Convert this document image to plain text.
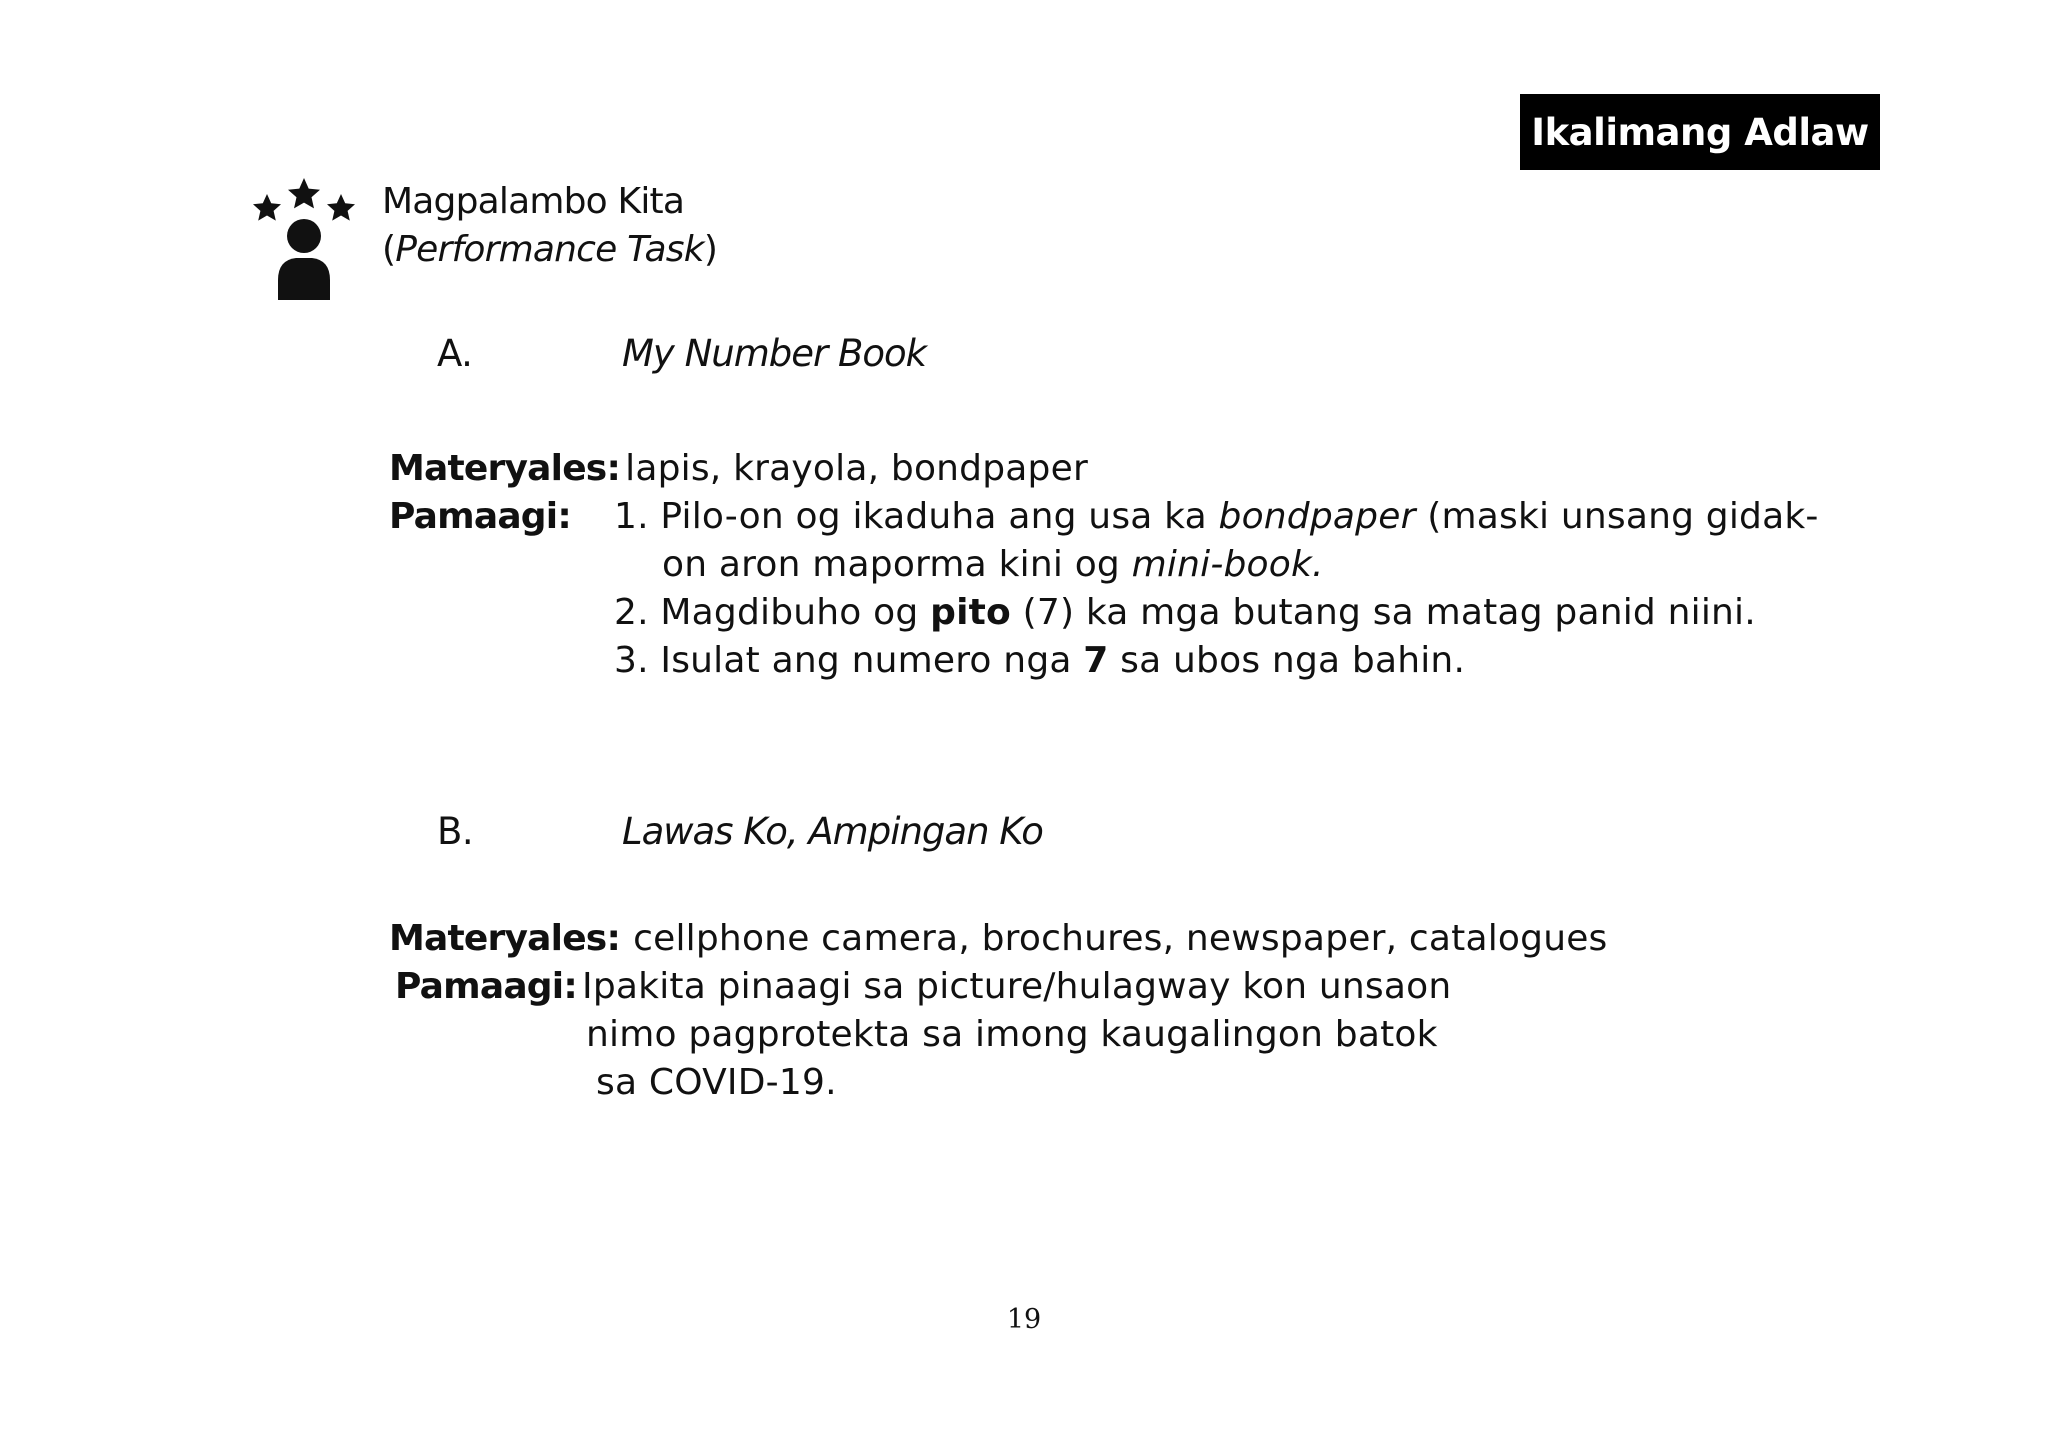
Ikalimang Adlaw
Magpalambo Kita
(Performance Task)
A.	My Number Book
Materyales: lapis, krayola, bondpaper
Pamaagi: 1. Pilo-on og ikaduha ang usa ka bondpaper (maski unsang gidak-
on aron maporma kini og mini-book.
2. Magdibuho og pito (7) ka mga butang sa matag panid niini.
3. Isulat ang numero nga 7 sa ubos nga bahin.
B.	Lawas Ko, Ampingan Ko
Materyales: cellphone camera, brochures, newspaper, catalogues
Pamaagi: Ipakita pinaagi sa picture/hulagway kon unsaon
nimo pagprotekta sa imong kaugalingon batok
sa COVID-19.
19
